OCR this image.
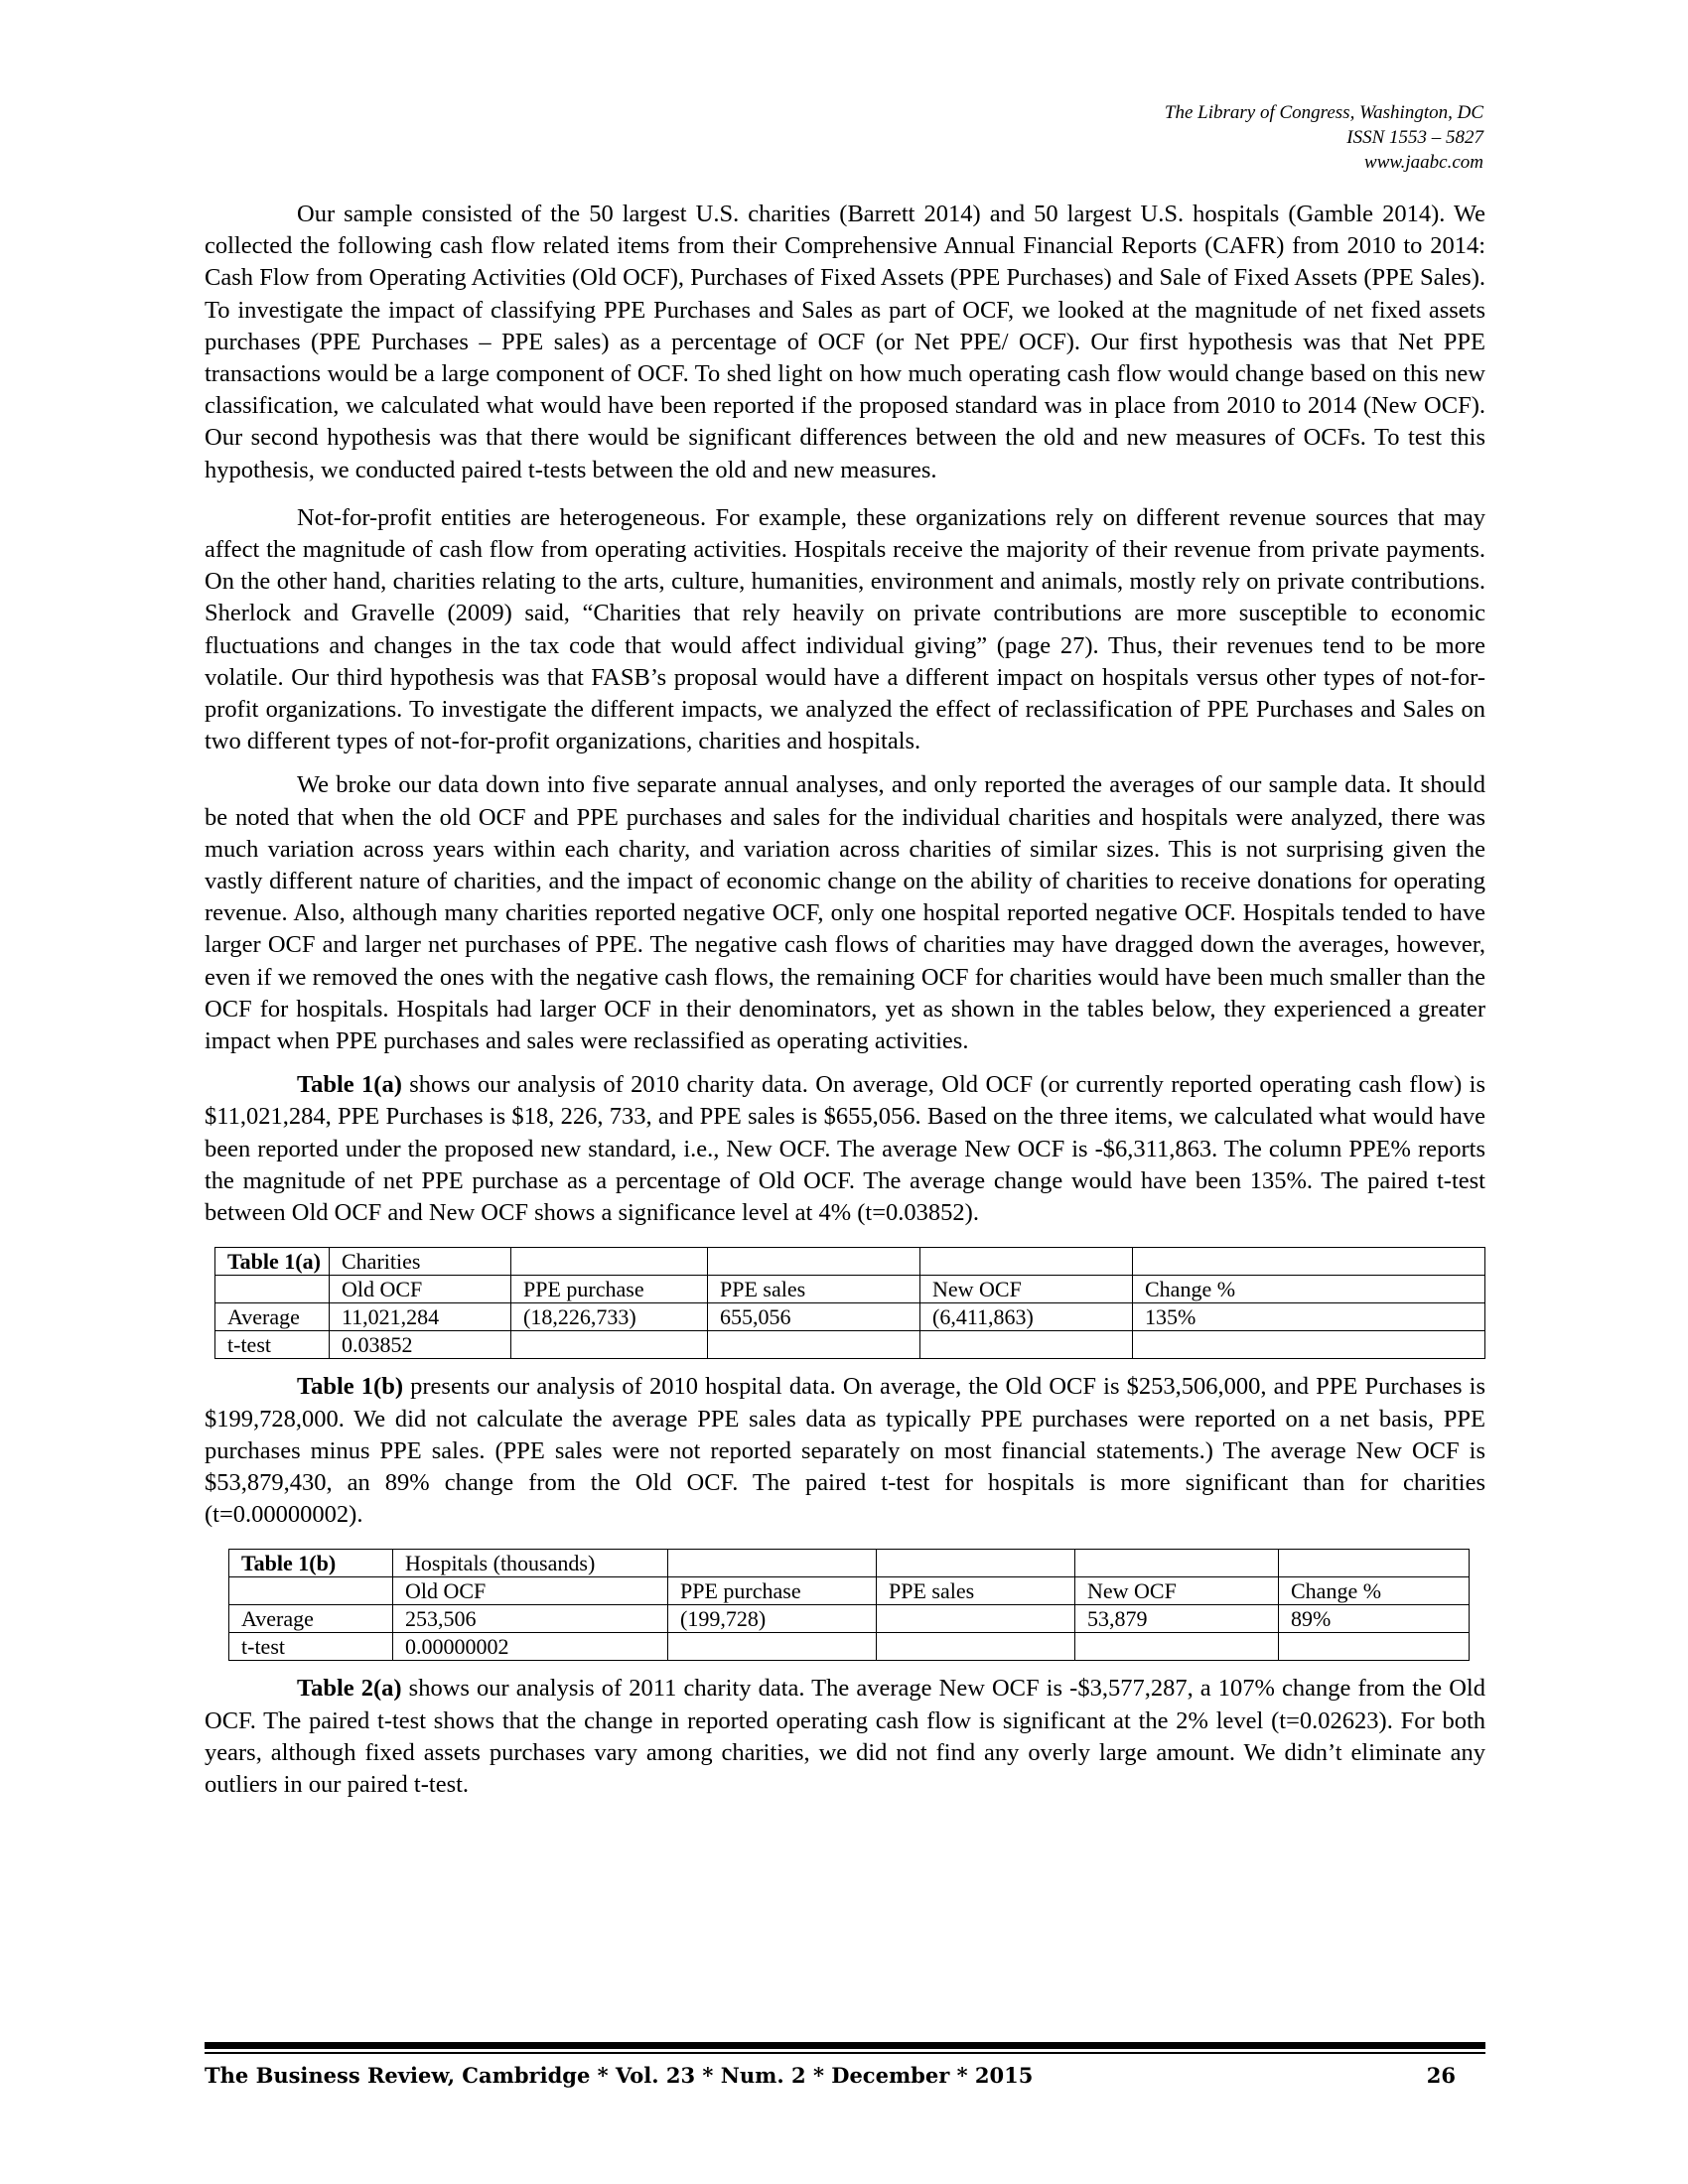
The Library of Congress, Washington, DC
ISSN 1553 – 5827
www.jaabc.com

Our sample consisted of the 50 largest U.S. charities (Barrett 2014) and 50 largest U.S. hospitals (Gamble 2014). We collected the following cash flow related items from their Comprehensive Annual Financial Reports (CAFR) from 2010 to 2014: Cash Flow from Operating Activities (Old OCF), Purchases of Fixed Assets (PPE Purchases) and Sale of Fixed Assets (PPE Sales). To investigate the impact of classifying PPE Purchases and Sales as part of OCF, we looked at the magnitude of net fixed assets purchases (PPE Purchases – PPE sales) as a percentage of OCF (or Net PPE/ OCF). Our first hypothesis was that Net PPE transactions would be a large component of OCF. To shed light on how much operating cash flow would change based on this new classification, we calculated what would have been reported if the proposed standard was in place from 2010 to 2014 (New OCF). Our second hypothesis was that there would be significant differences between the old and new measures of OCFs. To test this hypothesis, we conducted paired t-tests between the old and new measures.

Not-for-profit entities are heterogeneous. For example, these organizations rely on different revenue sources that may affect the magnitude of cash flow from operating activities. Hospitals receive the majority of their revenue from private payments. On the other hand, charities relating to the arts, culture, humanities, environment and animals, mostly rely on private contributions. Sherlock and Gravelle (2009) said, “Charities that rely heavily on private contributions are more susceptible to economic fluctuations and changes in the tax code that would affect individual giving” (page 27). Thus, their revenues tend to be more volatile. Our third hypothesis was that FASB’s proposal would have a different impact on hospitals versus other types of not-for-profit organizations. To investigate the different impacts, we analyzed the effect of reclassification of PPE Purchases and Sales on two different types of not-for-profit organizations, charities and hospitals.

We broke our data down into five separate annual analyses, and only reported the averages of our sample data. It should be noted that when the old OCF and PPE purchases and sales for the individual charities and hospitals were analyzed, there was much variation across years within each charity, and variation across charities of similar sizes. This is not surprising given the vastly different nature of charities, and the impact of economic change on the ability of charities to receive donations for operating revenue. Also, although many charities reported negative OCF, only one hospital reported negative OCF. Hospitals tended to have larger OCF and larger net purchases of PPE. The negative cash flows of charities may have dragged down the averages, however, even if we removed the ones with the negative cash flows, the remaining OCF for charities would have been much smaller than the OCF for hospitals. Hospitals had larger OCF in their denominators, yet as shown in the tables below, they experienced a greater impact when PPE purchases and sales were reclassified as operating activities.

Table 1(a) shows our analysis of 2010 charity data. On average, Old OCF (or currently reported operating cash flow) is $11,021,284, PPE Purchases is $18, 226, 733, and PPE sales is $655,056. Based on the three items, we calculated what would have been reported under the proposed new standard, i.e., New OCF. The average New OCF is -$6,311,863. The column PPE% reports the magnitude of net PPE purchase as a percentage of Old OCF. The average change would have been 135%. The paired t-test between Old OCF and New OCF shows a significance level at 4% (t=0.03852).

Table 1(a)	Charities				
	Old OCF	PPE purchase	PPE sales	New OCF	Change %
Average	11,021,284	(18,226,733)	655,056	(6,411,863)	135%
t-test	0.03852				

Table 1(b) presents our analysis of 2010 hospital data. On average, the Old OCF is $253,506,000, and PPE Purchases is $199,728,000. We did not calculate the average PPE sales data as typically PPE purchases were reported on a net basis, PPE purchases minus PPE sales. (PPE sales were not reported separately on most financial statements.) The average New OCF is $53,879,430, an 89% change from the Old OCF. The paired t-test for hospitals is more significant than for charities (t=0.00000002).

Table 1(b)	Hospitals (thousands)				
	Old OCF	PPE purchase	PPE sales	New OCF	Change %
Average	253,506	(199,728)		53,879	89%
t-test	0.00000002				

Table 2(a) shows our analysis of 2011 charity data. The average New OCF is -$3,577,287, a 107% change from the Old OCF. The paired t-test shows that the change in reported operating cash flow is significant at the 2% level (t=0.02623). For both years, although fixed assets purchases vary among charities, we did not find any overly large amount. We didn’t eliminate any outliers in our paired t-test.

The Business Review, Cambridge * Vol. 23 * Num. 2 * December * 2015	26
